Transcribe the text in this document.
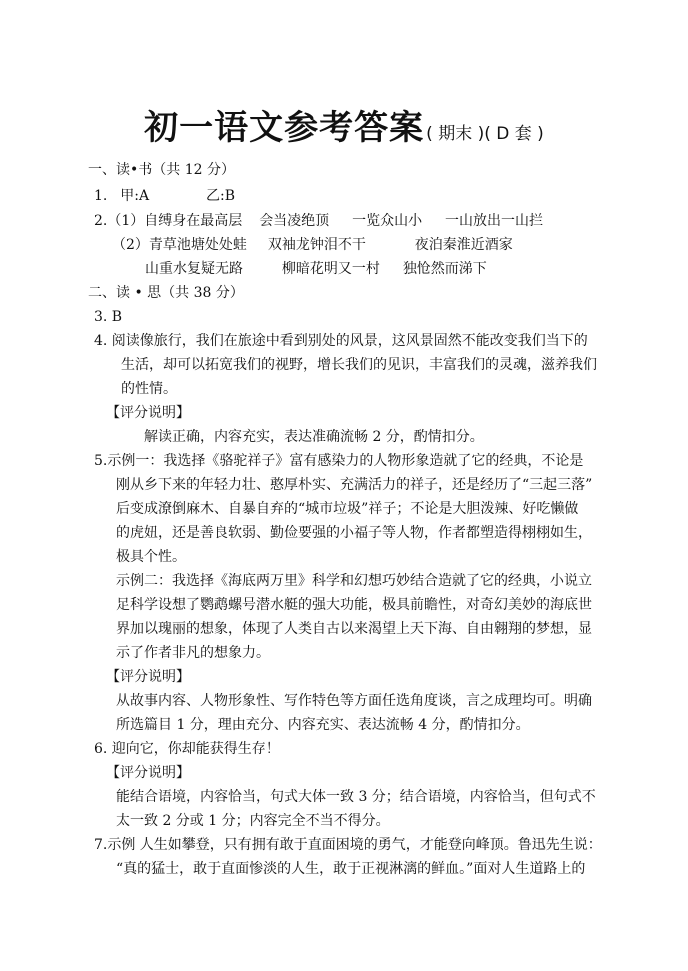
初一语文参考答案 ( 期末 )( D 套 )
一、读•书（共 12 分）
1. 甲:A	乙:B
2.（1）自缚身在最高层 会当凌绝顶 一览众山小 一山放出一山拦
（2）青草池塘处处蛙 双袖龙钟泪不干	夜泊秦淮近酒家
山重水复疑无路	柳暗花明又一村 独怆然而涕下
二、读 • 思（共 38 分）
3. B
4. 阅读像旅行，我们在旅途中看到别处的风景，这风景固然不能改变我们当下的
生活，却可以拓宽我们的视野，增长我们的见识，丰富我们的灵魂，滋养我们
的性情。
【评分说明】
解读正确，内容充实，表达准确流畅 2 分，酌情扣分。
5.示例一：我选择《骆驼祥子》富有感染力的人物形象造就了它的经典，不论是
刚从乡下来的年轻力壮、憨厚朴实、充满活力的祥子，还是经历了“三起三落”
后变成潦倒麻木、自暴自弃的“城市垃圾”祥子；不论是大胆泼辣、好吃懒做
的虎妞，还是善良软弱、勤俭要强的小福子等人物，作者都塑造得栩栩如生，
极具个性。
示例二：我选择《海底两万里》科学和幻想巧妙结合造就了它的经典，小说立
足科学设想了鹦鹉螺号潜水艇的强大功能，极具前瞻性，对奇幻美妙的海底世
界加以瑰丽的想象，体现了人类自古以来渴望上天下海、自由翱翔的梦想，显
示了作者非凡的想象力。
【评分说明】
从故事内容、人物形象性、写作特色等方面任选角度谈，言之成理均可。明确
所选篇目 1 分，理由充分、内容充实、表达流畅 4 分，酌情扣分。
6. 迎向它，你却能获得生存！
【评分说明】
能结合语境，内容恰当，句式大体一致 3 分；结合语境，内容恰当，但句式不
太一致 2 分或 1 分；内容完全不当不得分。
7.示例 人生如攀登，只有拥有敢于直面困境的勇气，才能登向峰顶。鲁迅先生说：
“真的猛士，敢于直面惨淡的人生，敢于正视淋漓的鲜血。”面对人生道路上的
